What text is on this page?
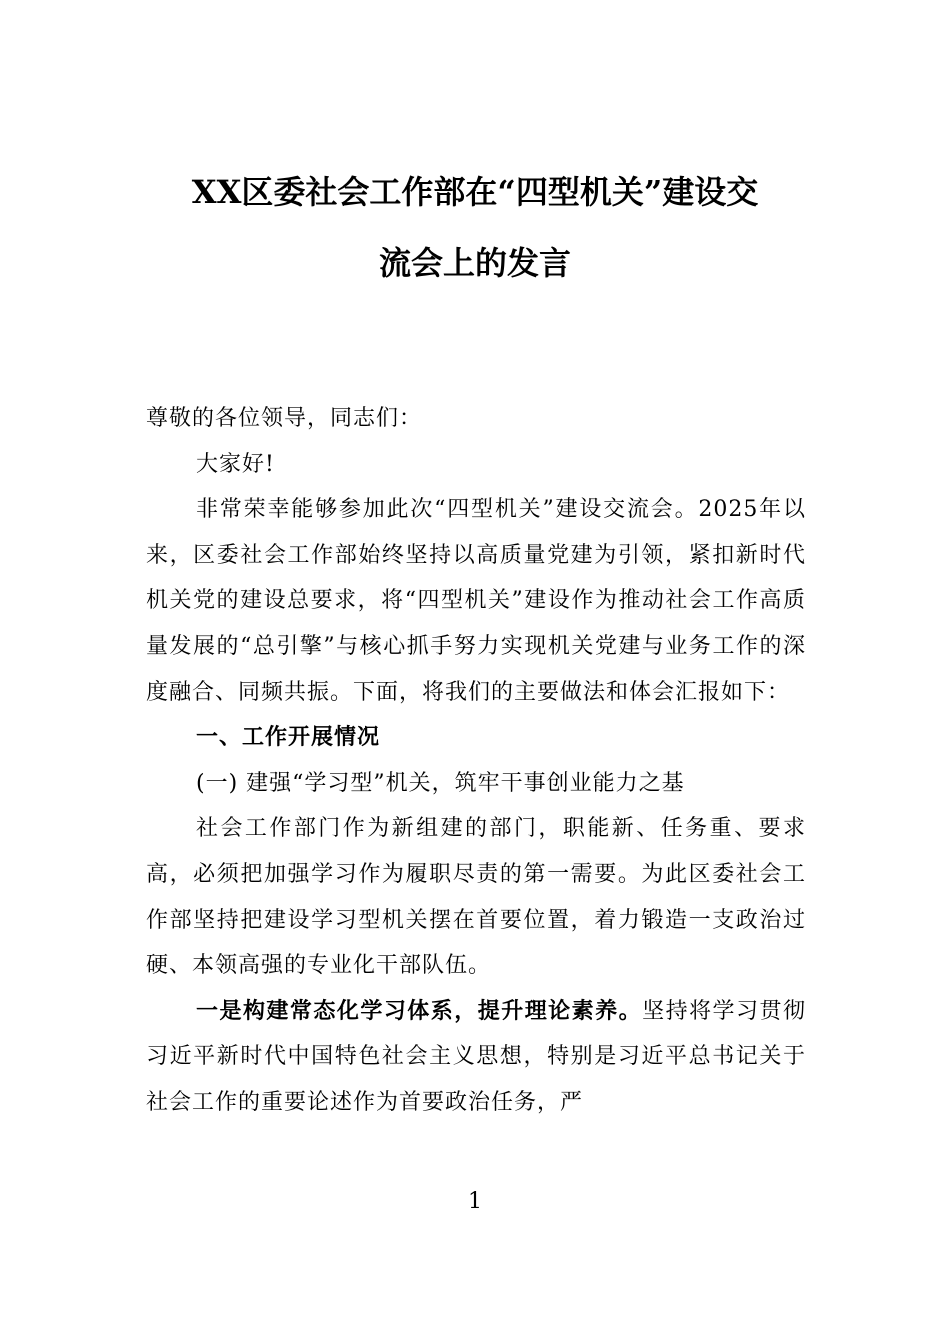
XX区委社会工作部在“四型机关”建设交
流会上的发言

尊敬的各位领导，同志们：

大家好!

非常荣幸能够参加此次“四型机关”建设交流会。2025年以来，区委社会工作部始终坚持以高质量党建为引领，紧扣新时代机关党的建设总要求，将“四型机关”建设作为推动社会工作高质量发展的“总引擎”与核心抓手努力实现机关党建与业务工作的深度融合、同频共振。下面，将我们的主要做法和体会汇报如下：

一、工作开展情况

(一) 建强“学习型”机关，筑牢干事创业能力之基

社会工作部门作为新组建的部门，职能新、任务重、要求高，必须把加强学习作为履职尽责的第一需要。为此区委社会工作部坚持把建设学习型机关摆在首要位置，着力锻造一支政治过硬、本领高强的专业化干部队伍。

一是构建常态化学习体系，提升理论素养。坚持将学习贯彻习近平新时代中国特色社会主义思想，特别是习近平总书记关于社会工作的重要论述作为首要政治任务，严

1
